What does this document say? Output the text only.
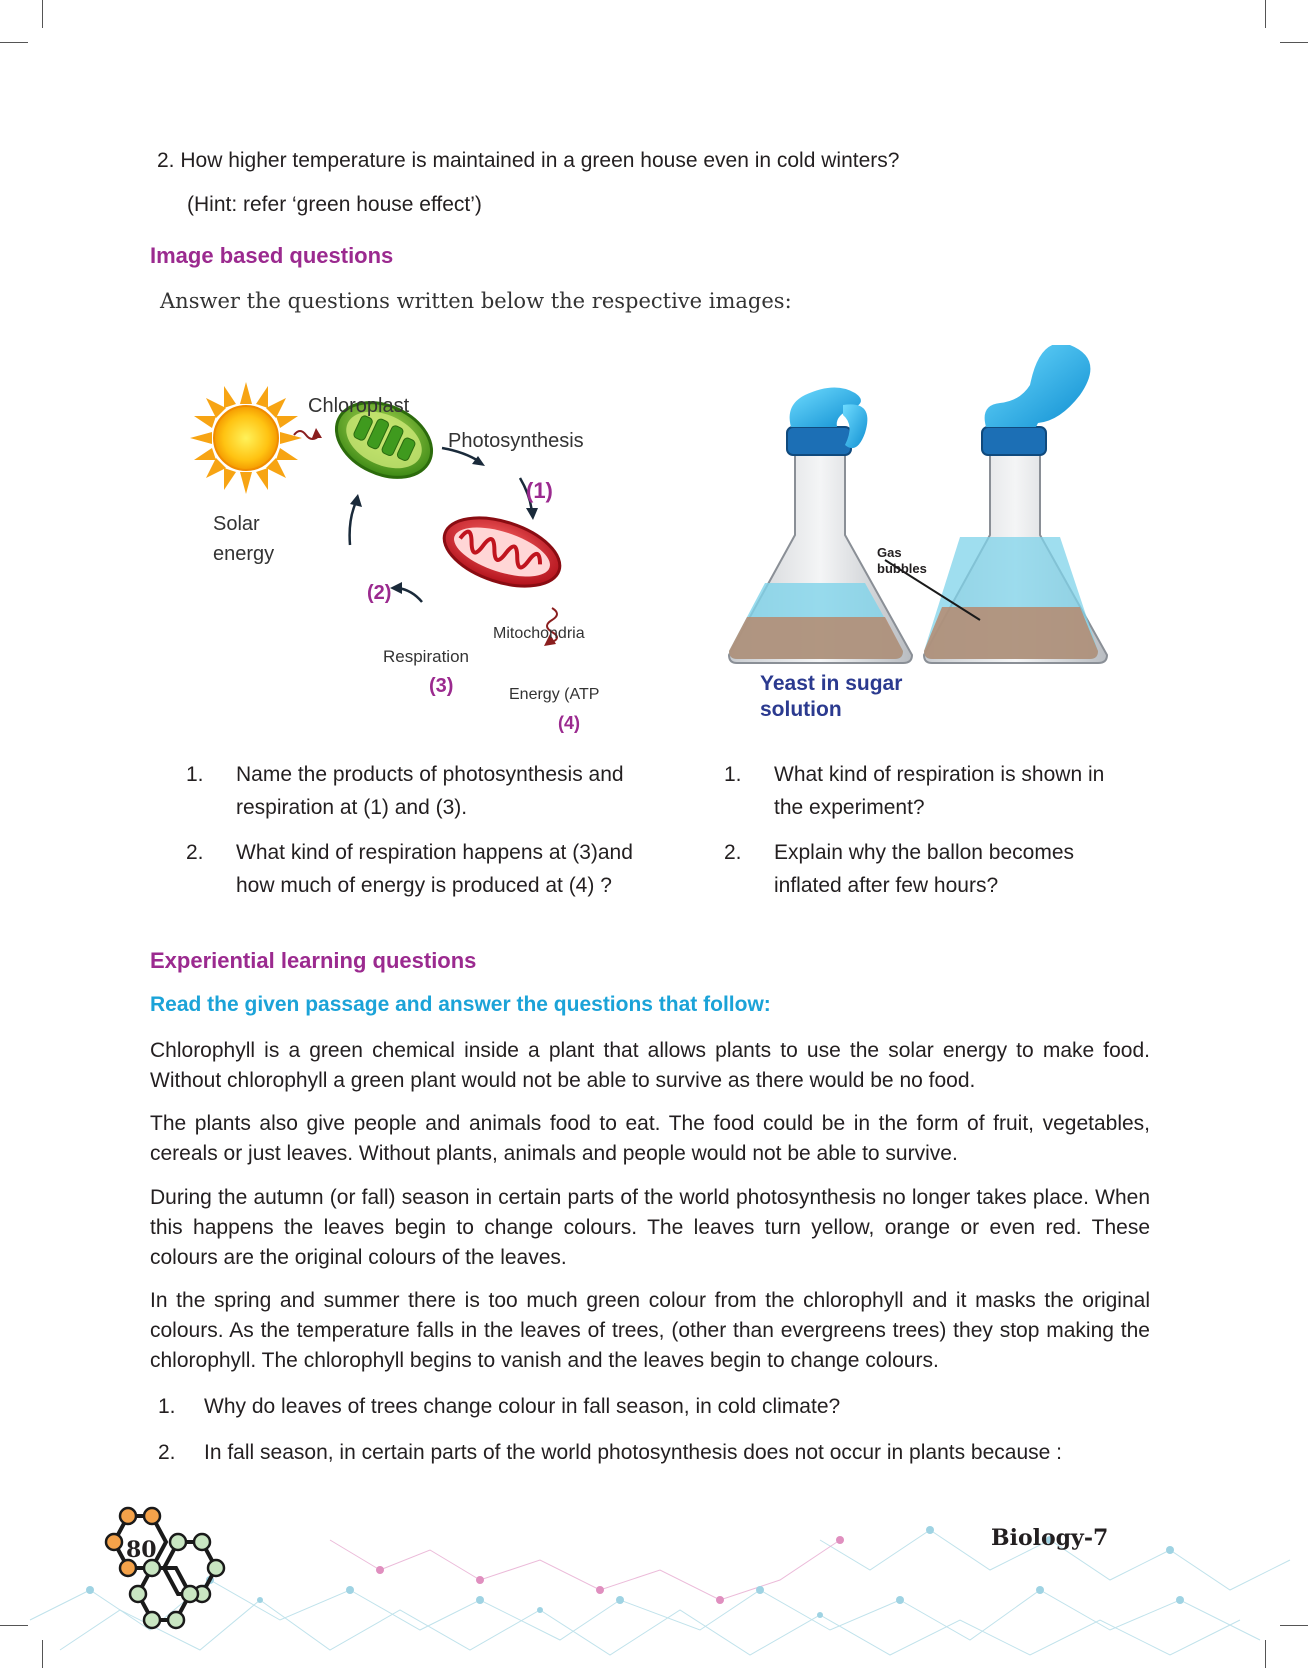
2. How higher temperature is maintained in a green house even in cold winters?
(Hint: refer ‘green house effect’)
Image based questions
Answer the questions written below the respective images:
Chloroplast
Photosynthesis
Solar
energy
Mitochondria
Respiration
Energy (ATP
(1)
(2)
(3)
(4)
Gas
bubbles
Yeast in sugar
solution
1. Name the products of photosynthesis and
respiration at (1) and (3).
2. What kind of respiration happens at (3)and
how much of energy is produced at (4) ?
1. What kind of respiration is shown in
the experiment?
2. Explain why the ballon becomes
inflated after few hours?
Experiential learning questions
Read the given passage and answer the questions that follow:
Chlorophyll is a green chemical inside a plant that allows plants to use the solar energy to make food. Without chlorophyll a green plant would not be able to survive as there would be no food.
The plants also give people and animals food to eat. The food could be in the form of fruit, vegetables, cereals or just leaves. Without plants, animals and people would not be able to survive.
During the autumn (or fall) season in certain parts of the world photosynthesis no longer takes place. When this happens the leaves begin to change colours. The leaves turn yellow, orange or even red. These colours are the original colours of the leaves.
In the spring and summer there is too much green colour from the chlorophyll and it masks the original colours. As the temperature falls in the leaves of trees, (other than evergreens trees) they stop making the chlorophyll. The chlorophyll begins to vanish and the leaves begin to change colours.
1. Why do leaves of trees change colour in fall season, in cold climate?
2. In fall season, in certain parts of the world photosynthesis does not occur in plants because :
80	Biology-7
